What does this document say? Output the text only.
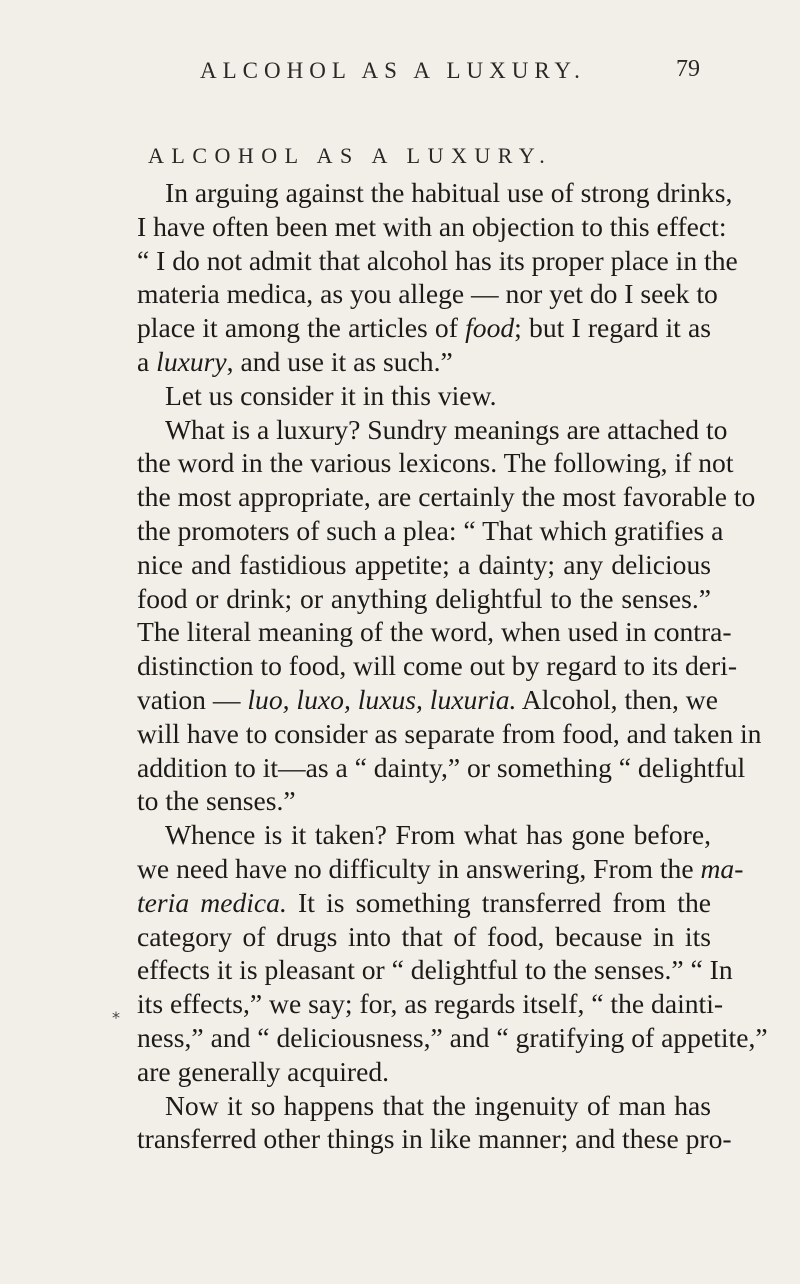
ALCOHOL AS A LUXURY.	79
ALCOHOL AS A LUXURY.
In arguing against the habitual use of strong drinks,
I have often been met with an objection to this effect:
“ I do not admit that alcohol has its proper place in the
materia medica, as you allege — nor yet do I seek to
place it among the articles of food; but I regard it as
a luxury, and use it as such.”
Let us consider it in this view.
What is a luxury? Sundry meanings are attached to
the word in the various lexicons. The following, if not
the most appropriate, are certainly the most favorable to
the promoters of such a plea: “ That which gratifies a
nice and fastidious appetite; a dainty; any delicious
food or drink; or anything delightful to the senses.”
The literal meaning of the word, when used in contra-
distinction to food, will come out by regard to its deri-
vation — luo, luxo, luxus, luxuria. Alcohol, then, we
will have to consider as separate from food, and taken in
addition to it—as a “ dainty,” or something “ delightful
to the senses.”
Whence is it taken? From what has gone before,
we need have no difficulty in answering, From the ma-
teria medica. It is something transferred from the
category of drugs into that of food, because in its
effects it is pleasant or “ delightful to the senses.” “ In
its effects,” we say; for, as regards itself, “ the dainti-
ness,” and “ deliciousness,” and “ gratifying of appetite,”
are generally acquired.
Now it so happens that the ingenuity of man has
transferred other things in like manner; and these pro-
*
